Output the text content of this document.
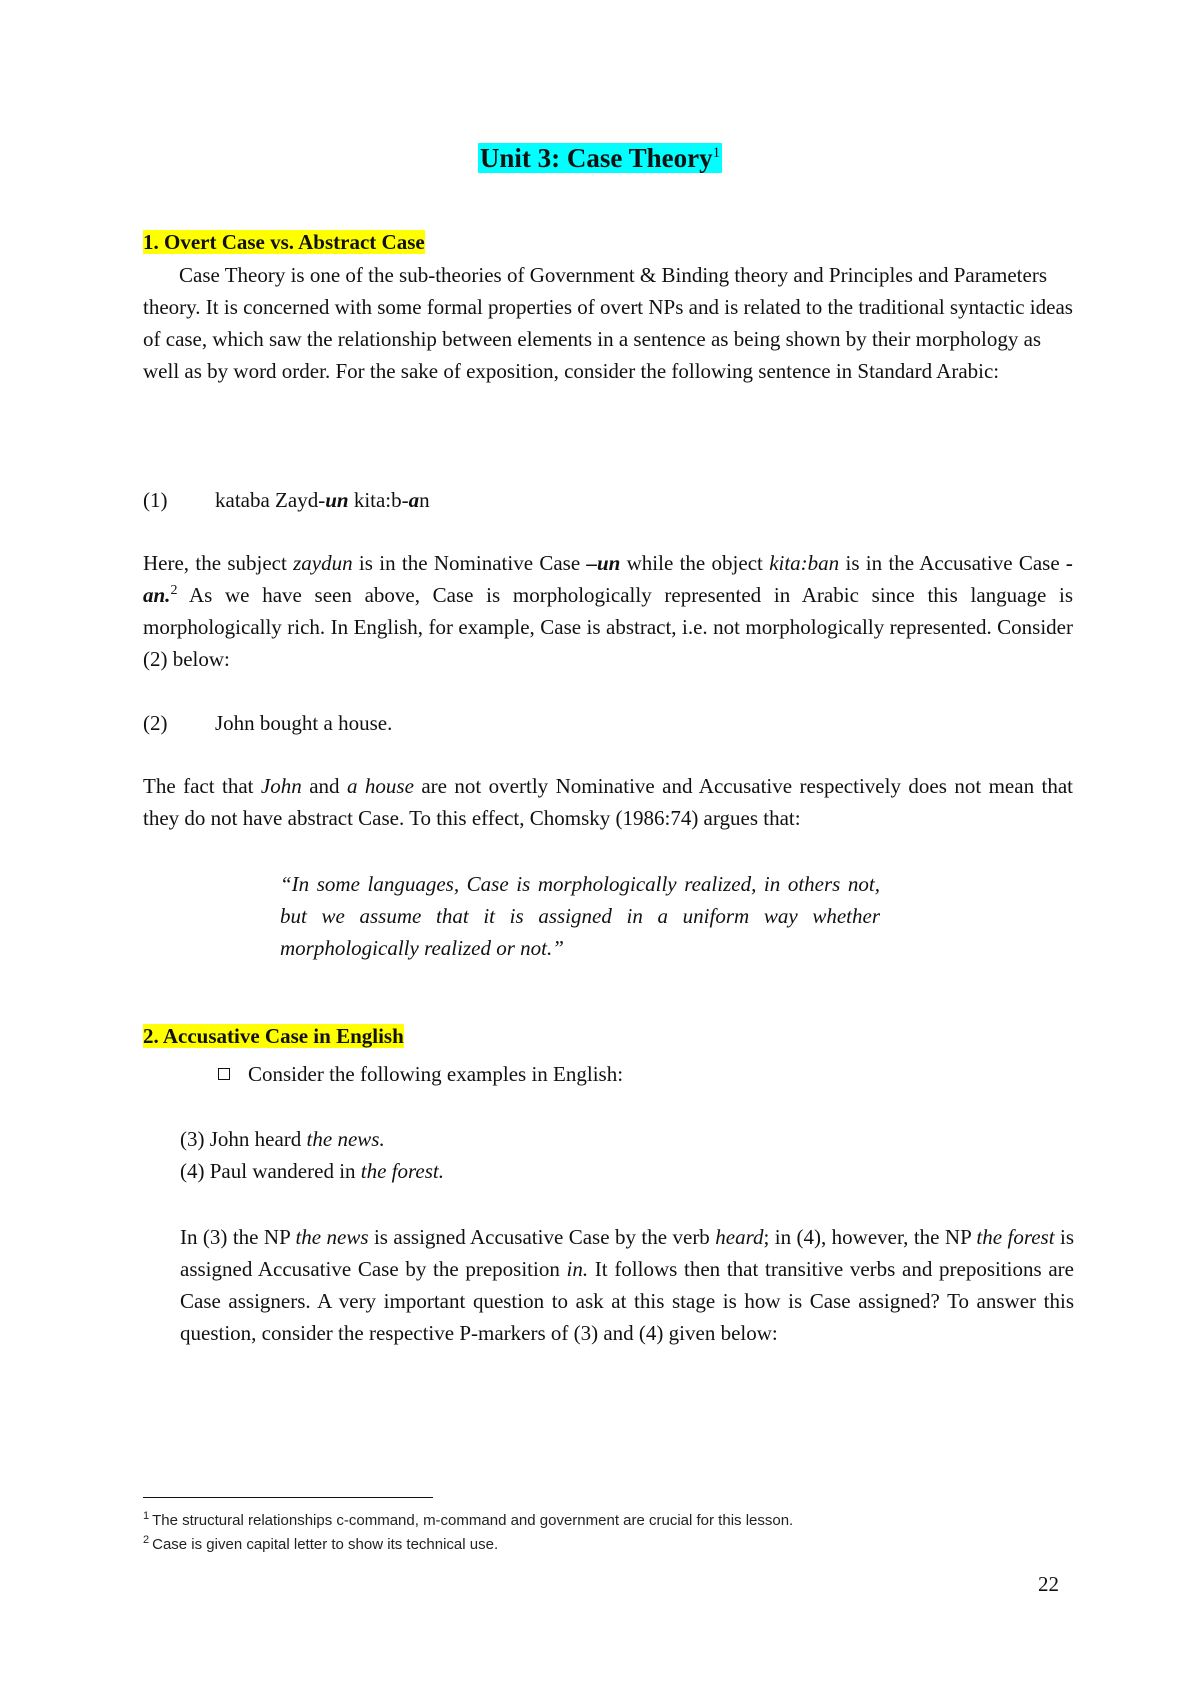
Unit 3: Case Theory$^1$
1. Overt Case vs. Abstract Case

Case Theory is one of the sub-theories of Government & Binding theory and Principles and Parameters theory. It is concerned with some formal properties of overt NPs and is related to the traditional syntactic ideas of case, which saw the relationship between elements in a sentence as being shown by their morphology as well as by word order. For the sake of exposition, consider the following sentence in Standard Arabic:

(1) kataba Zayd-un kita:b-an

Here, the subject zaydun is in the Nominative Case –un while the object kita:ban is in the Accusative Case -an.$^2$ As we have seen above, Case is morphologically represented in Arabic since this language is morphologically rich. In English, for example, Case is abstract, i.e. not morphologically represented. Consider (2) below:

(2) John bought a house.

The fact that John and a house are not overtly Nominative and Accusative respectively does not mean that they do not have abstract Case. To this effect, Chomsky (1986:74) argues that:

“In some languages, Case is morphologically realized, in others not, but we assume that it is assigned in a uniform way whether morphologically realized or not.”

2. Accusative Case in English
Consider the following examples in English:
(3) John heard the news.
(4) Paul wandered in the forest.

In (3) the NP the news is assigned Accusative Case by the verb heard; in (4), however, the NP the forest is assigned Accusative Case by the preposition in. It follows then that transitive verbs and prepositions are Case assigners. A very important question to ask at this stage is how is Case assigned? To answer this question, consider the respective P-markers of (3) and (4) given below:

$^1$ The structural relationships c-command, m-command and government are crucial for this lesson.
$^2$ Case is given capital letter to show its technical use.
22
